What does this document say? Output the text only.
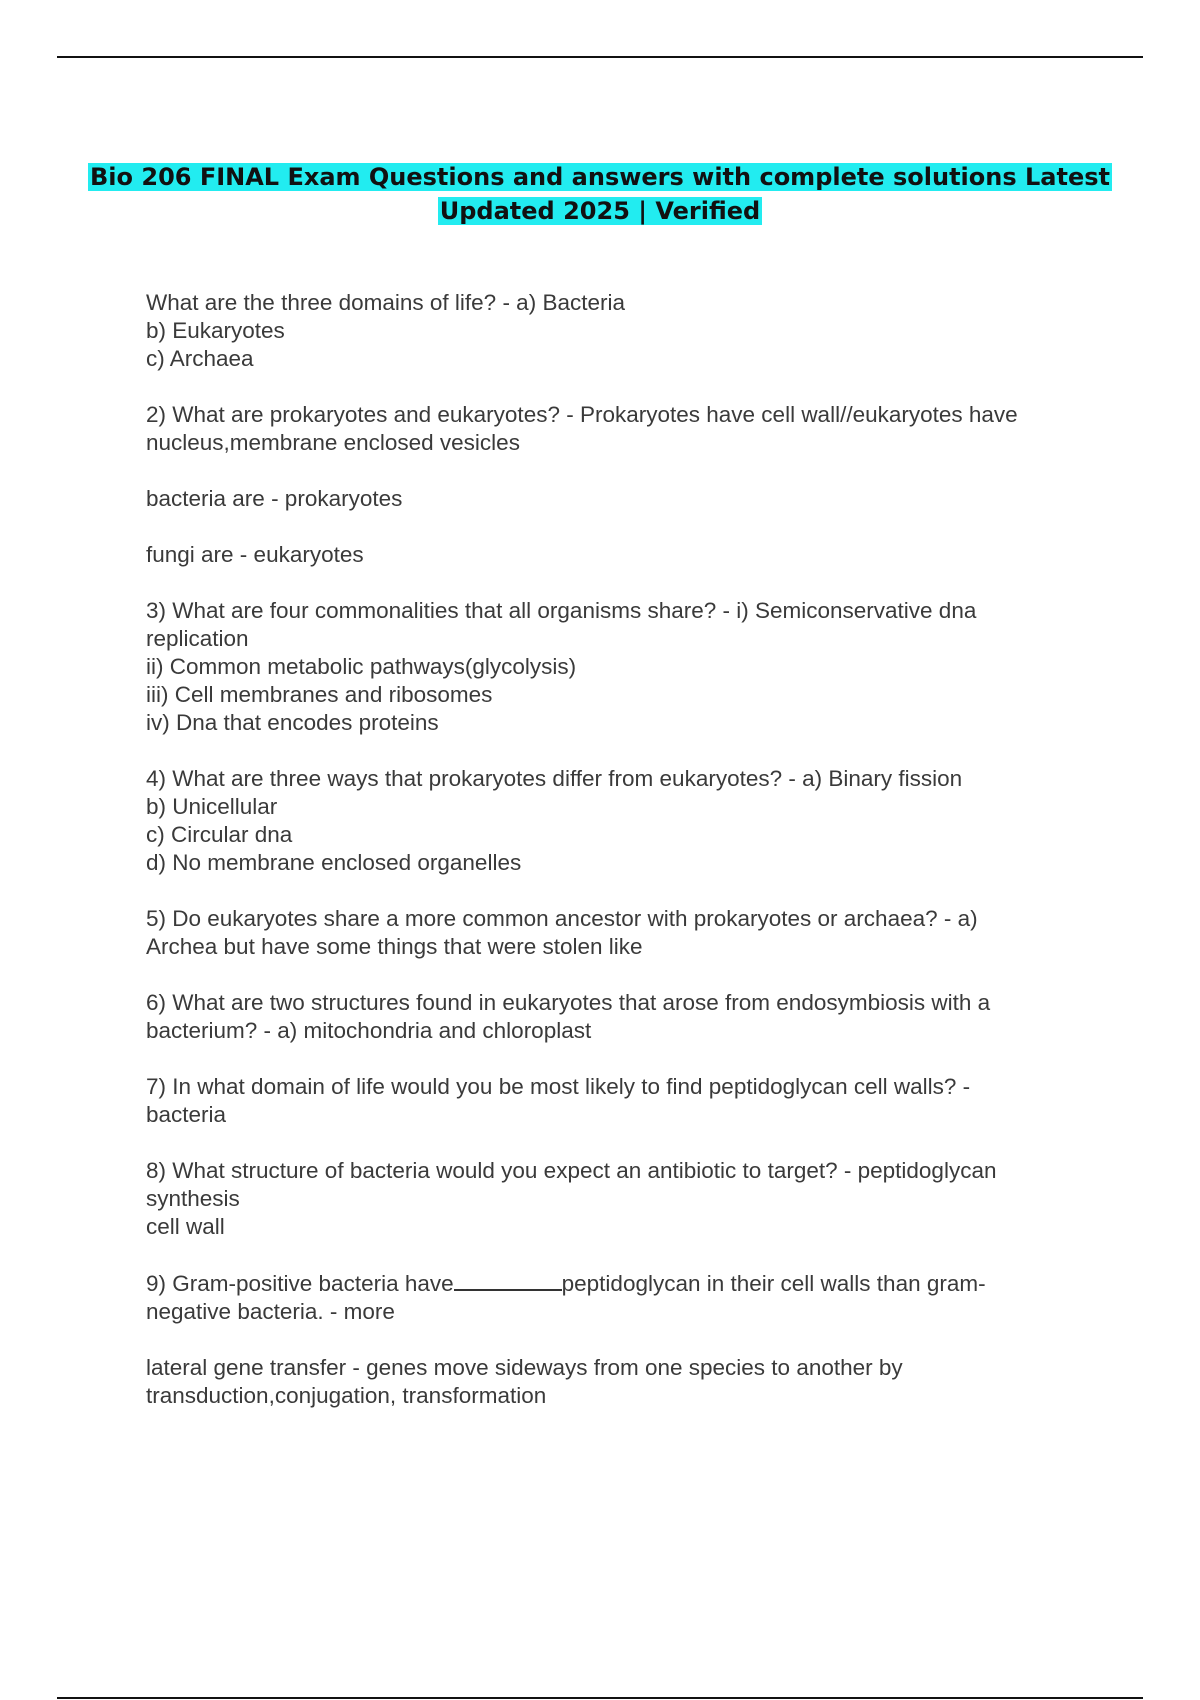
Bio 206 FINAL Exam Questions and answers with complete solutions Latest
Updated 2025 | Verified
What are the three domains of life? - a) Bacteria
b) Eukaryotes
c) Archaea
2) What are prokaryotes and eukaryotes? - Prokaryotes have cell wall//eukaryotes have
nucleus,membrane enclosed vesicles
bacteria are - prokaryotes
fungi are - eukaryotes
3) What are four commonalities that all organisms share? - i) Semiconservative dna
replication
ii) Common metabolic pathways(glycolysis)
iii) Cell membranes and ribosomes
iv) Dna that encodes proteins
4) What are three ways that prokaryotes differ from eukaryotes? - a) Binary fission
b) Unicellular
c) Circular dna
d) No membrane enclosed organelles
5) Do eukaryotes share a more common ancestor with prokaryotes or archaea? - a)
Archea but have some things that were stolen like
6) What are two structures found in eukaryotes that arose from endosymbiosis with a
bacterium? - a) mitochondria and chloroplast
7) In what domain of life would you be most likely to find peptidoglycan cell walls? -
bacteria
8) What structure of bacteria would you expect an antibiotic to target? - peptidoglycan
synthesis
cell wall
9) Gram-positive bacteria have	peptidoglycan in their cell walls than gram-
negative bacteria. - more
lateral gene transfer - genes move sideways from one species to another by
transduction,conjugation, transformation
